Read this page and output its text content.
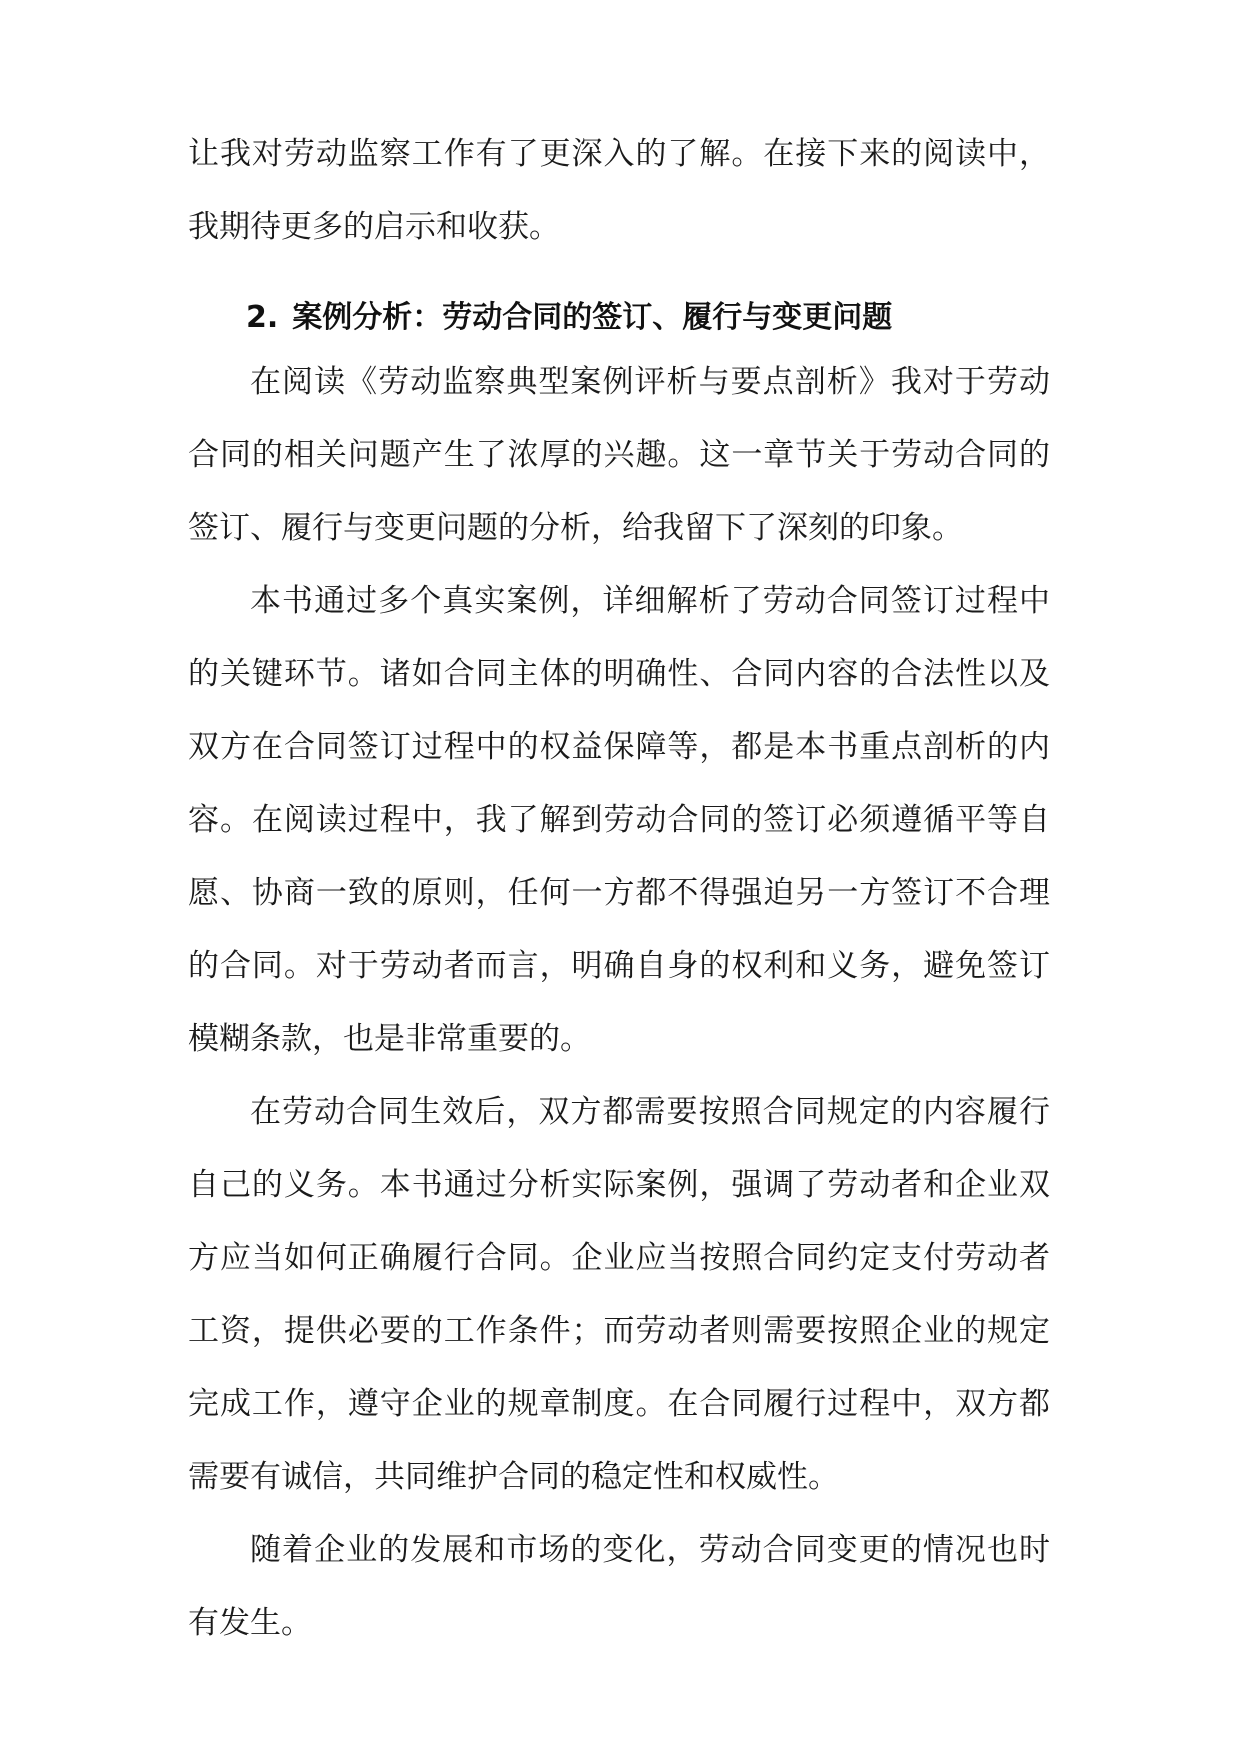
让我对劳动监察工作有了更深入的了解。在接下来的阅读中，我期待更多的启示和收获。

2. 案例分析：劳动合同的签订、履行与变更问题

在阅读《劳动监察典型案例评析与要点剖析》我对于劳动合同的相关问题产生了浓厚的兴趣。这一章节关于劳动合同的签订、履行与变更问题的分析，给我留下了深刻的印象。

本书通过多个真实案例，详细解析了劳动合同签订过程中的关键环节。诸如合同主体的明确性、合同内容的合法性以及双方在合同签订过程中的权益保障等，都是本书重点剖析的内容。在阅读过程中，我了解到劳动合同的签订必须遵循平等自愿、协商一致的原则，任何一方都不得强迫另一方签订不合理的合同。对于劳动者而言，明确自身的权利和义务，避免签订模糊条款，也是非常重要的。

在劳动合同生效后，双方都需要按照合同规定的内容履行自己的义务。本书通过分析实际案例，强调了劳动者和企业双方应当如何正确履行合同。企业应当按照合同约定支付劳动者工资，提供必要的工作条件；而劳动者则需要按照企业的规定完成工作，遵守企业的规章制度。在合同履行过程中，双方都需要有诚信，共同维护合同的稳定性和权威性。

随着企业的发展和市场的变化，劳动合同变更的情况也时有发生。
